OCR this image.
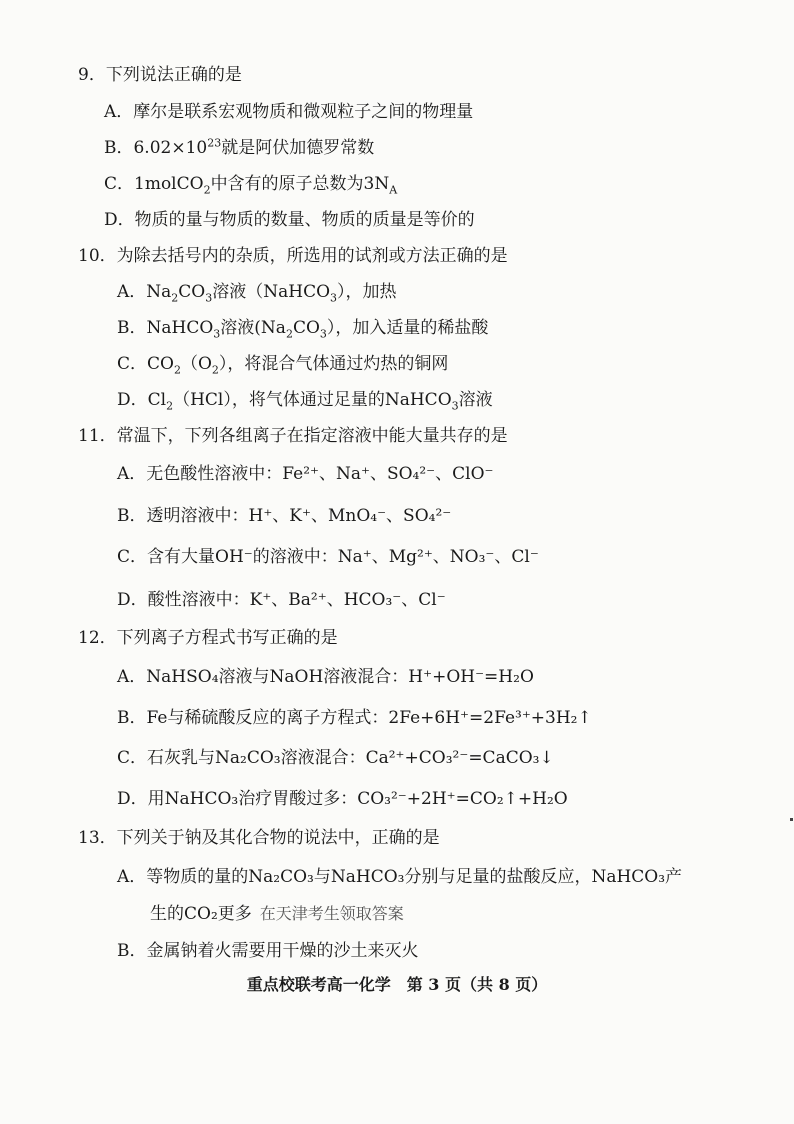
9．下列说法正确的是
A．摩尔是联系宏观物质和微观粒子之间的物理量
B．$6.02\times 10^{23}$就是阿伏加德罗常数
C．1molCO$_2$中含有的原子总数为$3N_A$
D．物质的量与物质的数量、物质的质量是等价的
10．为除去括号内的杂质，所选用的试剂或方法正确的是
A．$Na_2CO_3$溶液（NaHCO$_3$），加热
B．NaHCO$_3$溶液$(Na_2CO_3)$，加入适量的稀盐酸
C．$CO_2(O_2)$，将混合气体通过灼热的铜网
D．$Cl_2(HCl)$，将气体通过足量的NaHCO$_3$溶液
11．常温下，下列各组离子在指定溶液中能大量共存的是
A．无色酸性溶液中：Fe²⁺、Na⁺、SO₄²⁻、ClO⁻
B．透明溶液中：H⁺、K⁺、MnO₄⁻、SO₄²⁻
C．含有大量OH⁻的溶液中：Na⁺、Mg²⁺、NO₃⁻、Cl⁻
D．酸性溶液中：K⁺、Ba²⁺、HCO₃⁻、Cl⁻
12．下列离子方程式书写正确的是
A．NaHSO₄溶液与NaOH溶液混合：H⁺+OH⁻=H₂O
B．Fe与稀硫酸反应的离子方程式：2Fe+6H⁺=2Fe³⁺+3H₂↑
C．石灰乳与Na₂CO₃溶液混合：Ca²⁺+CO₃²⁻=CaCO₃↓
D．用NaHCO₃治疗胃酸过多：CO₃²⁻+2H⁺=CO₂↑+H₂O
13．下列关于钠及其化合物的说法中，正确的是
A．等物质的量的Na₂CO₃与NaHCO₃分别与足量的盐酸反应，NaHCO₃产
生的CO₂更多 在天津考生领取答案
B．金属钠着火需要用干燥的沙土来灭火
重点校联考高一化学　第 3 页（共 8 页）
